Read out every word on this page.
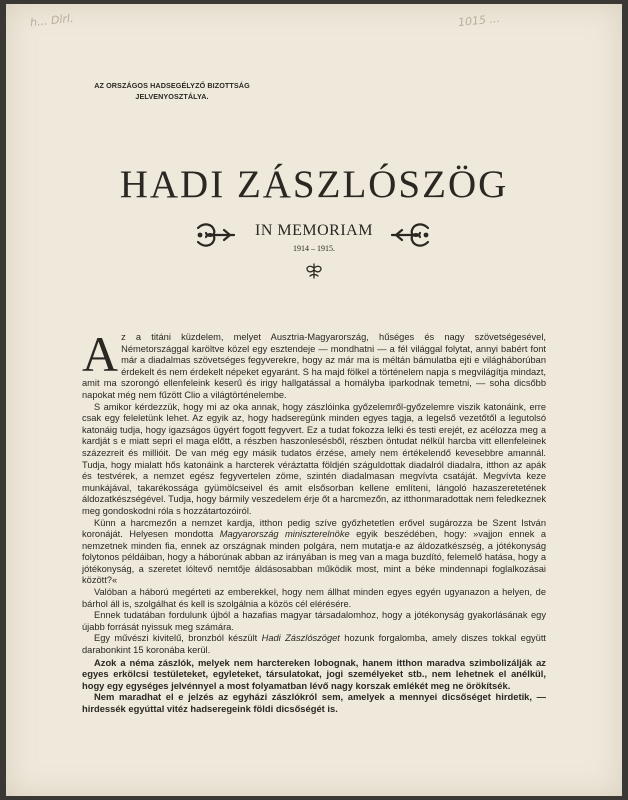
h... Dlrl.	1015 ...
AZ ORSZÁGOS HADSEGÉLYZŐ BIZOTTSÁG
JELVENYOSZTÁLYA.
HADI ZÁSZLÓSZÖG
IN MEMORIAM
1914 – 1915.

Az a titáni küzdelem, melyet Ausztria-Magyarország, hűséges és nagy szövetségesével, Németországgal karöltve közel egy esztendeje — mondhatni — a fél világgal folytat, annyi babért font már a diadalmas szövetséges fegyverekre, hogy az már ma is méltán bámulatba ejti e világháborúban érdekelt és nem érdekelt népeket egyaránt. S ha majd fölkel a történelem napja s megvilágítja mindazt, amit ma szorongó ellenfeleink keserű és irigy hallgatással a homályba iparkodnak temetni, — soha dicsőbb napokat még nem fűzött Clio a világtörténelembe.

S amikor kérdezzük, hogy mi az oka annak, hogy zászlóinka győzelemről-győzelemre viszik katonáink, erre csak egy feleletünk lehet. Az egyik az, hogy hadseregünk minden egyes tagja, a legelső vezetőtől a legutolsó katonáig tudja, hogy igazságos ügyért fogott fegyvert. Ez a tudat fokozza lelki és testi erejét, ez acélozza meg a kardját s e miatt sepri el maga előtt, a részben haszonlesésből, részben öntudat nélkül harcba vitt ellenfeleinek százezreit és millióit. De van még egy másik tudatos érzése, amely nem értékelendő kevesebbre amannál. Tudja, hogy mialatt hős katonáink a harcterek véráztatta földjén száguldottak diadalról diadalra, itthon az apák és testvérek, a nemzet egész fegyvertelen zöme, szintén diadalmasan megvívta csatáját. Megvívta keze munkájával, takarékossága gyümölcseivel és amit elsősorban kellene említeni, lángoló hazaszeretetének áldozatkészségével. Tudja, hogy bármily veszedelem érje őt a harcmezőn, az itthonmaradottak nem feledkeznek meg gondoskodni róla s hozzátartozóiról.

Künn a harcmezőn a nemzet kardja, itthon pedig szíve győzhetetlen erővel sugározza be Szent István koronáját. Helyesen mondotta Magyarország miniszterelnöke egyik beszédében, hogy: »vajjon ennek a nemzetnek minden fia, ennek az országnak minden polgára, nem mutatja-e az áldozatkészség, a jótékonyság folytonos példáiban, hogy a háborúnak abban az irányában is meg van a maga buzdító, felemelő hatása, hogy a jótékonyság, a szeretet lóltevő nemtője áldásosabban működik most, mint a béke mindennapi foglalkozásai között?«

Valóban a háború megérteti az emberekkel, hogy nem állhat minden egyes egyén ugyanazon a helyen, de bárhol áll is, szolgálhat és kell is szolgálnia a közös cél elérésére.

Ennek tudatában fordulunk újból a hazafias magyar társadalomhoz, hogy a jótékonyság gyakorlásának egy újabb forrását nyissuk meg számára.

Egy művészi kivitelű, bronzból készült Hadi Zászlószöget hozunk forgalomba, amely diszes tokkal együtt darabonkint 15 koronába kerül.

Azok a néma zászlók, melyek nem harctereken lobognak, hanem itthon maradva szimbolizálják az egyes erkölcsi testületeket, egyleteket, társulatokat, jogi személyeket stb., nem lehetnek el anélkül, hogy egy egységes jelvénnyel a most folyamatban lévő nagy korszak emlékét meg ne örökítsék.

Nem maradhat el e jelzés az egyházi zászlókról sem, amelyek a mennyei dicsőséget hirdetik, — hirdessék egyúttal vitéz hadseregeink földi dicsőségét is.
